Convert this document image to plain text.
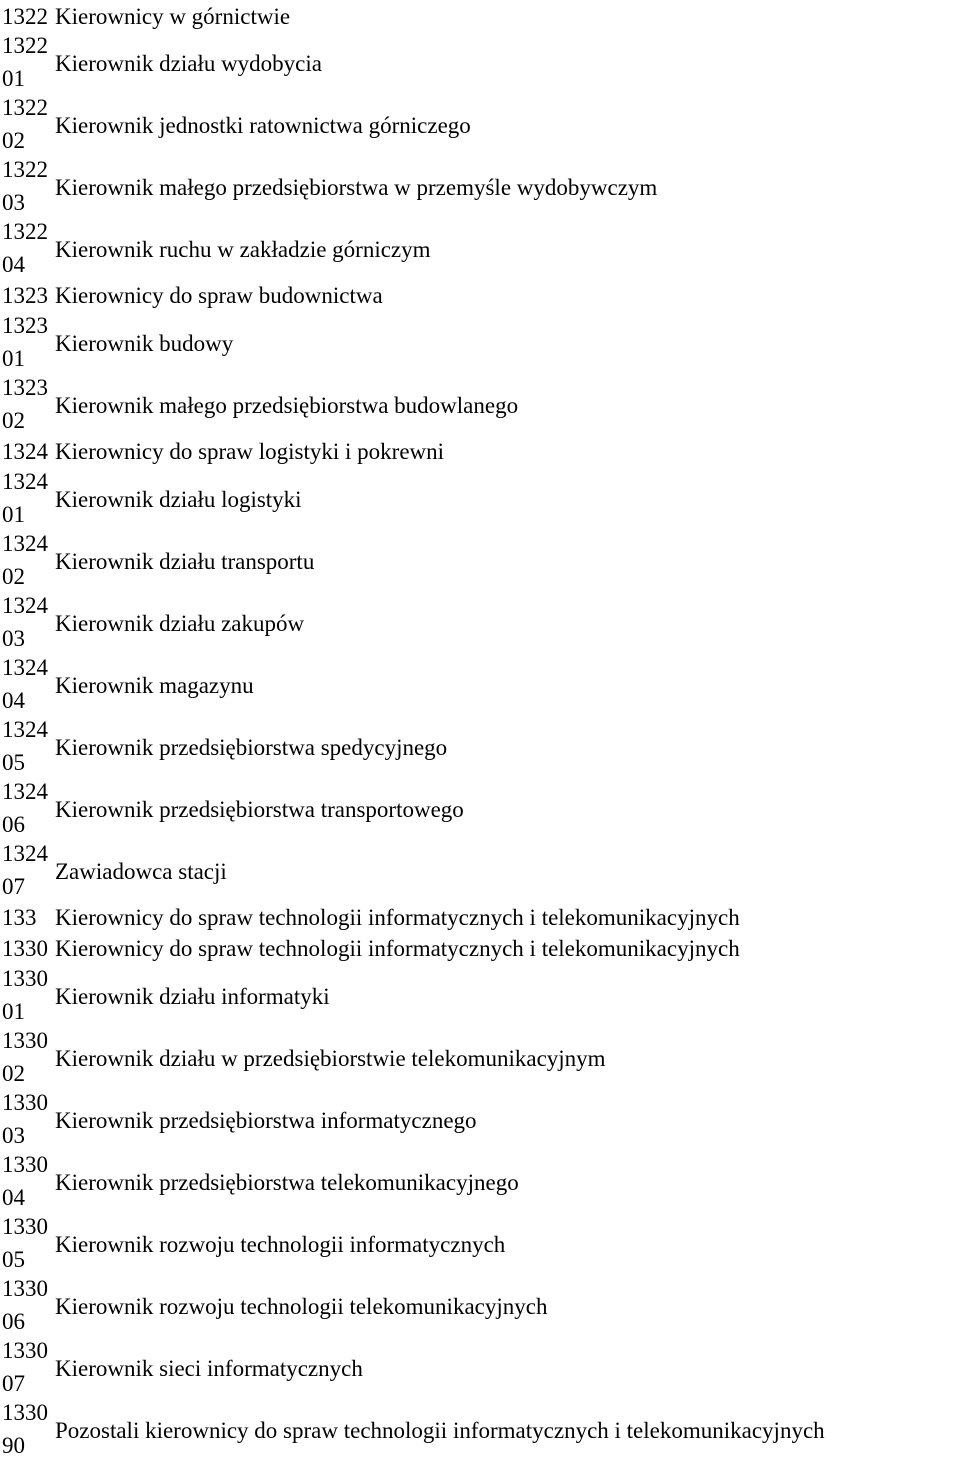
1322 Kierownicy w górnictwie
1322
01
Kierownik działu wydobycia
1322
02
Kierownik jednostki ratownictwa górniczego
1322
03
Kierownik małego przedsiębiorstwa w przemyśle wydobywczym
1322
04
Kierownik ruchu w zakładzie górniczym
1323 Kierownicy do spraw budownictwa
1323
01
Kierownik budowy
1323
02
Kierownik małego przedsiębiorstwa budowlanego
1324 Kierownicy do spraw logistyki i pokrewni
1324
01
Kierownik działu logistyki
1324
02
Kierownik działu transportu
1324
03
Kierownik działu zakupów
1324
04
Kierownik magazynu
1324
05
Kierownik przedsiębiorstwa spedycyjnego
1324
06
Kierownik przedsiębiorstwa transportowego
1324
07
Zawiadowca stacji
133 Kierownicy do spraw technologii informatycznych i telekomunikacyjnych
1330 Kierownicy do spraw technologii informatycznych i telekomunikacyjnych
1330
01
Kierownik działu informatyki
1330
02
Kierownik działu w przedsiębiorstwie telekomunikacyjnym
1330
03
Kierownik przedsiębiorstwa informatycznego
1330
04
Kierownik przedsiębiorstwa telekomunikacyjnego
1330
05
Kierownik rozwoju technologii informatycznych
1330
06
Kierownik rozwoju technologii telekomunikacyjnych
1330
07
Kierownik sieci informatycznych
1330
90
Pozostali kierownicy do spraw technologii informatycznych i telekomunikacyjnych
